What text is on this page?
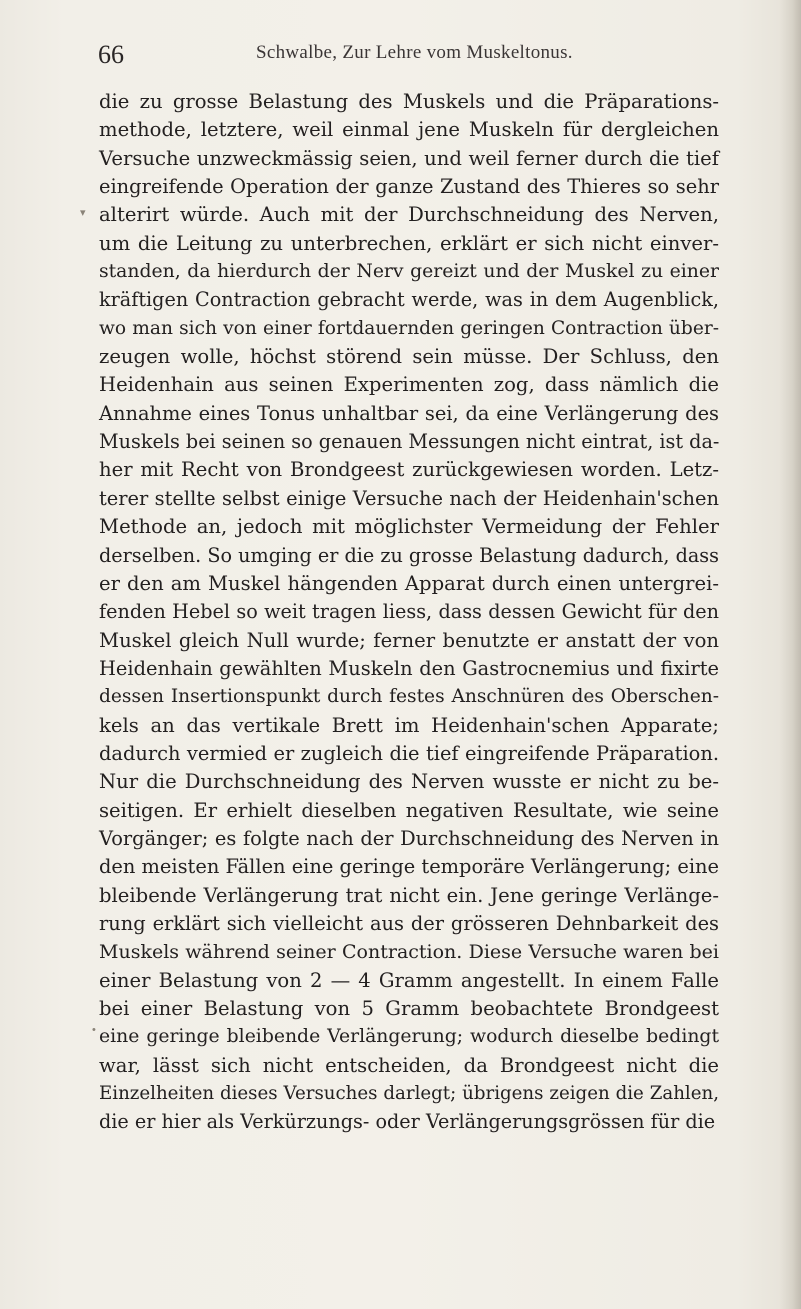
66	Schwalbe, Zur Lehre vom Muskeltonus.
die zu grosse Belastung des Muskels und die Präparations-
methode, letztere, weil einmal jene Muskeln für dergleichen
Versuche unzweckmässig seien, und weil ferner durch die tief
eingreifende Operation der ganze Zustand des Thieres so sehr
alterirt würde. Auch mit der Durchschneidung des Nerven,
um die Leitung zu unterbrechen, erklärt er sich nicht einver-
standen, da hierdurch der Nerv gereizt und der Muskel zu einer
kräftigen Contraction gebracht werde, was in dem Augenblick,
wo man sich von einer fortdauernden geringen Contraction über-
zeugen wolle, höchst störend sein müsse. Der Schluss, den
Heidenhain aus seinen Experimenten zog, dass nämlich die
Annahme eines Tonus unhaltbar sei, da eine Verlängerung des
Muskels bei seinen so genauen Messungen nicht eintrat, ist da-
her mit Recht von Brondgeest zurückgewiesen worden. Letz-
terer stellte selbst einige Versuche nach der Heidenhain'schen
Methode an, jedoch mit möglichster Vermeidung der Fehler
derselben. So umging er die zu grosse Belastung dadurch, dass
er den am Muskel hängenden Apparat durch einen untergrei-
fenden Hebel so weit tragen liess, dass dessen Gewicht für den
Muskel gleich Null wurde; ferner benutzte er anstatt der von
Heidenhain gewählten Muskeln den Gastrocnemius und fixirte
dessen Insertionspunkt durch festes Anschnüren des Oberschen-
kels an das vertikale Brett im Heidenhain'schen Apparate;
dadurch vermied er zugleich die tief eingreifende Präparation.
Nur die Durchschneidung des Nerven wusste er nicht zu be-
seitigen. Er erhielt dieselben negativen Resultate, wie seine
Vorgänger; es folgte nach der Durchschneidung des Nerven in
den meisten Fällen eine geringe temporäre Verlängerung; eine
bleibende Verlängerung trat nicht ein. Jene geringe Verlänge-
rung erklärt sich vielleicht aus der grösseren Dehnbarkeit des
Muskels während seiner Contraction. Diese Versuche waren bei
einer Belastung von 2 — 4 Gramm angestellt. In einem Falle
bei einer Belastung von 5 Gramm beobachtete Brondgeest
eine geringe bleibende Verlängerung; wodurch dieselbe bedingt
war, lässt sich nicht entscheiden, da Brondgeest nicht die
Einzelheiten dieses Versuches darlegt; übrigens zeigen die Zahlen,
die er hier als Verkürzungs- oder Verlängerungsgrössen für die
▾
•
